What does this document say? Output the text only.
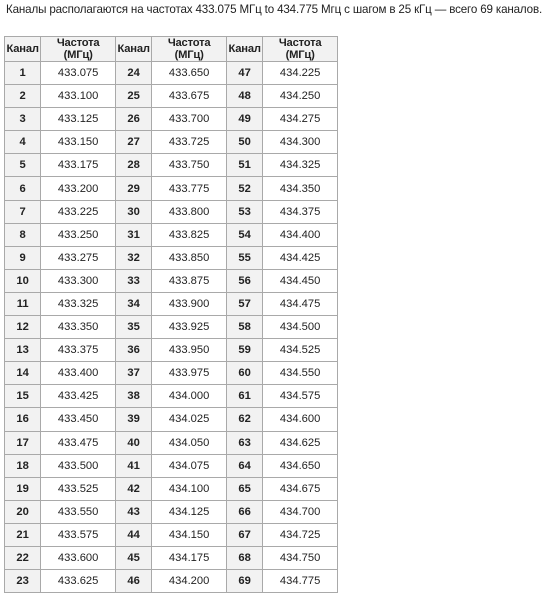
Каналы располагаются на частотах 433.075 МГц to 434.775 Мгц с шагом в 25 кГц — всего 69 каналов.
Канал	Частота (МГц)	Канал	Частота (МГц)	Канал	Частота (МГц)
1	433.075	24	433.650	47	434.225
2	433.100	25	433.675	48	434.250
3	433.125	26	433.700	49	434.275
4	433.150	27	433.725	50	434.300
5	433.175	28	433.750	51	434.325
6	433.200	29	433.775	52	434.350
7	433.225	30	433.800	53	434.375
8	433.250	31	433.825	54	434.400
9	433.275	32	433.850	55	434.425
10	433.300	33	433.875	56	434.450
11	433.325	34	433.900	57	434.475
12	433.350	35	433.925	58	434.500
13	433.375	36	433.950	59	434.525
14	433.400	37	433.975	60	434.550
15	433.425	38	434.000	61	434.575
16	433.450	39	434.025	62	434.600
17	433.475	40	434.050	63	434.625
18	433.500	41	434.075	64	434.650
19	433.525	42	434.100	65	434.675
20	433.550	43	434.125	66	434.700
21	433.575	44	434.150	67	434.725
22	433.600	45	434.175	68	434.750
23	433.625	46	434.200	69	434.775
